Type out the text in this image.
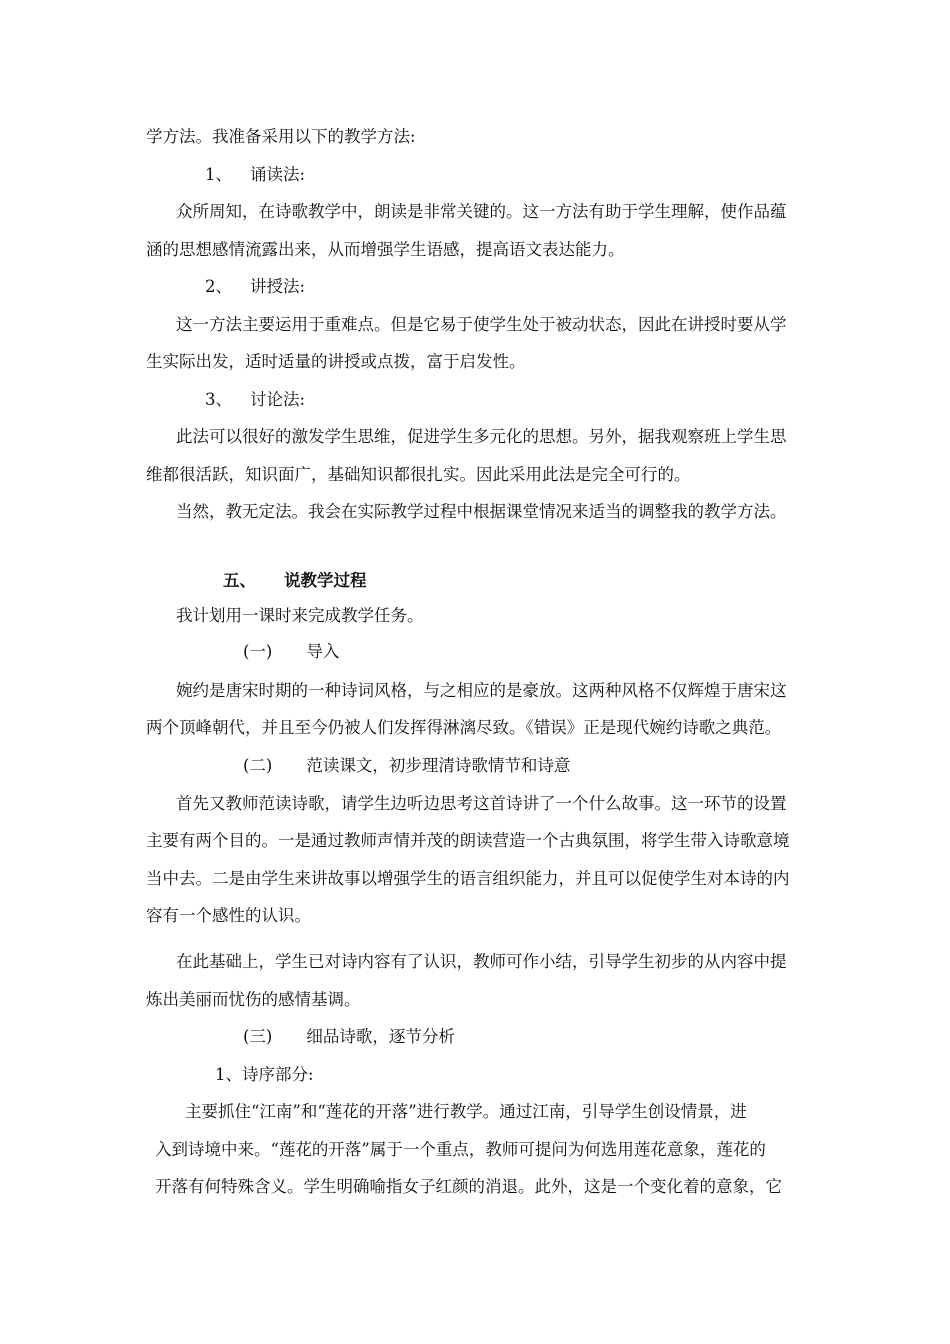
学方法。我准备采用以下的教学方法:
1、 诵读法:
众所周知，在诗歌教学中，朗读是非常关键的。这一方法有助于学生理解，使作品蕴
涵的思想感情流露出来，从而增强学生语感，提高语文表达能力。
2、 讲授法:
这一方法主要运用于重难点。但是它易于使学生处于被动状态，因此在讲授时要从学
生实际出发，适时适量的讲授或点拨，富于启发性。
3、 讨论法:
此法可以很好的激发学生思维，促进学生多元化的思想。另外，据我观察班上学生思
维都很活跃，知识面广，基础知识都很扎实。因此采用此法是完全可行的。
当然，教无定法。我会在实际教学过程中根据课堂情况来适当的调整我的教学方法。
五、 说教学过程
我计划用一课时来完成教学任务。
(一) 导入
婉约是唐宋时期的一种诗词风格，与之相应的是豪放。这两种风格不仅辉煌于唐宋这
两个顶峰朝代，并且至今仍被人们发挥得淋漓尽致。《错误》正是现代婉约诗歌之典范。
(二) 范读课文，初步理清诗歌情节和诗意
首先又教师范读诗歌，请学生边听边思考这首诗讲了一个什么故事。这一环节的设置
主要有两个目的。一是通过教师声情并茂的朗读营造一个古典氛围，将学生带入诗歌意境
当中去。二是由学生来讲故事以增强学生的语言组织能力，并且可以促使学生对本诗的内
容有一个感性的认识。
在此基础上，学生已对诗内容有了认识，教师可作小结，引导学生初步的从内容中提
炼出美丽而忧伤的感情基调。
(三) 细品诗歌，逐节分析
1、诗序部分:
主要抓住“江南”和“莲花的开落”进行教学。通过江南，引导学生创设情景，进
入到诗境中来。“莲花的开落”属于一个重点，教师可提问为何选用莲花意象，莲花的
开落有何特殊含义。学生明确喻指女子红颜的消退。此外，这是一个变化着的意象，它
